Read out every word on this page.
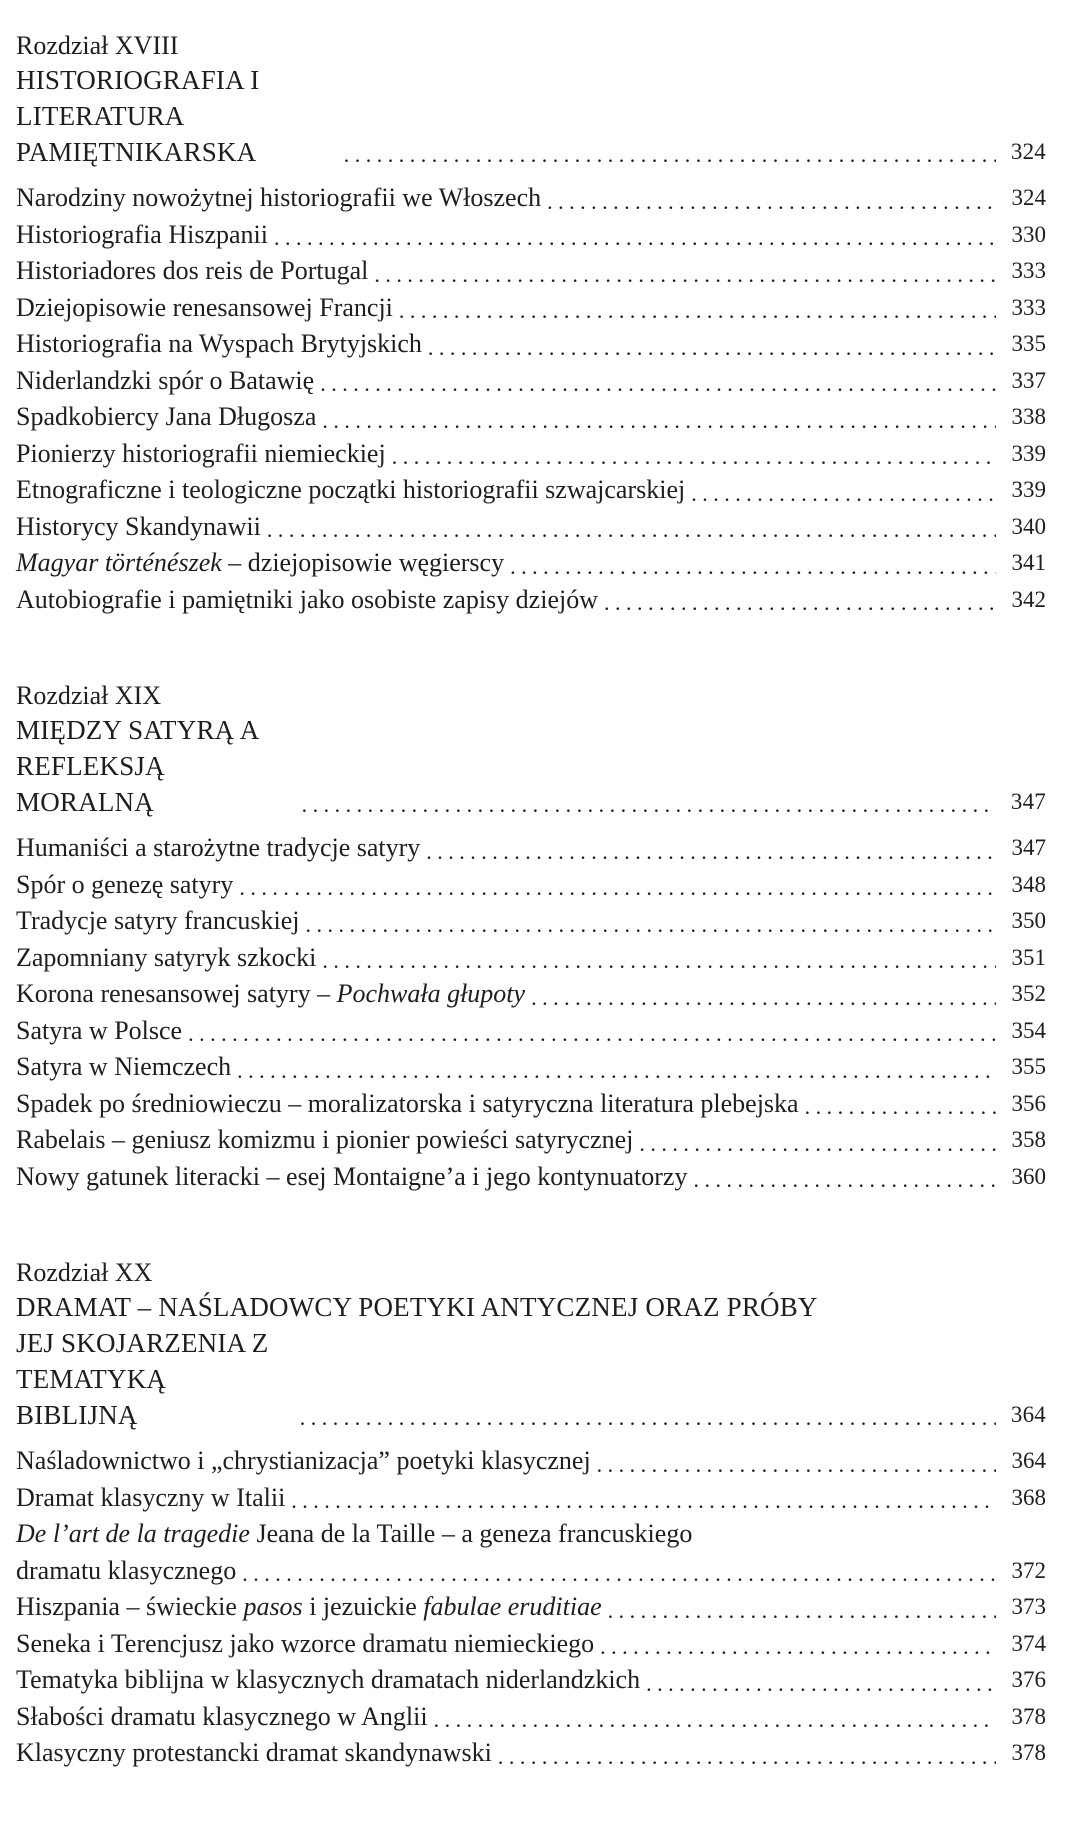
Rozdział XVIII
HISTORIOGRAFIA I LITERATURA PAMIĘTNIKARSKA . . .	324
Narodziny nowożytnej historiografii we Włoszech . . .	324
Historiografia Hiszpanii . . .	330
Historiadores dos reis de Portugal . . .	333
Dziejopisowie renesansowej Francji . . .	333
Historiografia na Wyspach Brytyjskich . . .	335
Niderlandzki spór o Batawię . . .	337
Spadkobiercy Jana Długosza . . .	338
Pionierzy historiografii niemieckiej . . .	339
Etnograficzne i teologiczne początki historiografii szwajcarskiej . . .	339
Historycy Skandynawii . . .	340
Magyar történészek – dziejopisowie węgierscy . . .	341
Autobiografie i pamiętniki jako osobiste zapisy dziejów . . .	342
Rozdział XIX
MIĘDZY SATYRĄ A REFLEKSJĄ MORALNĄ . . .	347
Humaniści a starożytne tradycje satyry . . .	347
Spór o genezę satyry . . .	348
Tradycje satyry francuskiej . . .	350
Zapomniany satyryk szkocki . . .	351
Korona renesansowej satyry – Pochwała głupoty . . .	352
Satyra w Polsce . . .	354
Satyra w Niemczech . . .	355
Spadek po średniowieczu – moralizatorska i satyryczna literatura plebejska . . .	356
Rabelais – geniusz komizmu i pionier powieści satyrycznej . . .	358
Nowy gatunek literacki – esej Montaigne’a i jego kontynuatorzy . . .	360
Rozdział XX
DRAMAT – NAŚLADOWCY POETYKI ANTYCZNEJ ORAZ PRÓBY
JEJ SKOJARZENIA Z TEMATYKĄ BIBLIJNĄ . . .	364
Naśladownictwo i „chrystianizacja” poetyki klasycznej . . .	364
Dramat klasyczny w Italii . . .	368
De l’art de la tragedie Jeana de la Taille – a geneza francuskiego
dramatu klasycznego . . .	372
Hiszpania – świeckie pasos i jezuickie fabulae eruditiae . . .	373
Seneka i Terencjusz jako wzorce dramatu niemieckiego . . .	374
Tematyka biblijna w klasycznych dramatach niderlandzkich . . .	376
Słabości dramatu klasycznego w Anglii . . .	378
Klasyczny protestancki dramat skandynawski . . .	378
